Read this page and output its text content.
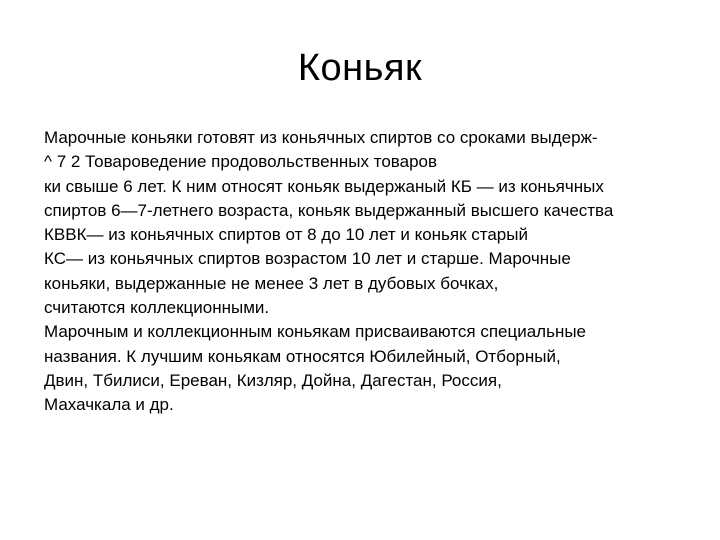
Коньяк
Марочные коньяки готовят из коньячных спиртов со сроками выдерж-
^ 7 2 Товароведение продовольственных товаров
ки свыше 6 лет. К ним относят коньяк выдержаный КБ — из коньячных
спиртов 6—7-летнего возраста, коньяк выдержанный высшего качества
КВВК— из коньячных спиртов от 8 до 10 лет и коньяк старый
КС— из коньячных спиртов возрастом 10 лет и старше. Марочные
коньяки, выдержанные не менее 3 лет в дубовых бочках,
считаются коллекционными.
Марочным и коллекционным коньякам присваиваются специальные
названия. К лучшим коньякам относятся Юбилейный, Отборный,
Двин, Тбилиси, Ереван, Кизляр, Дойна, Дагестан, Россия,
Махачкала и др.
